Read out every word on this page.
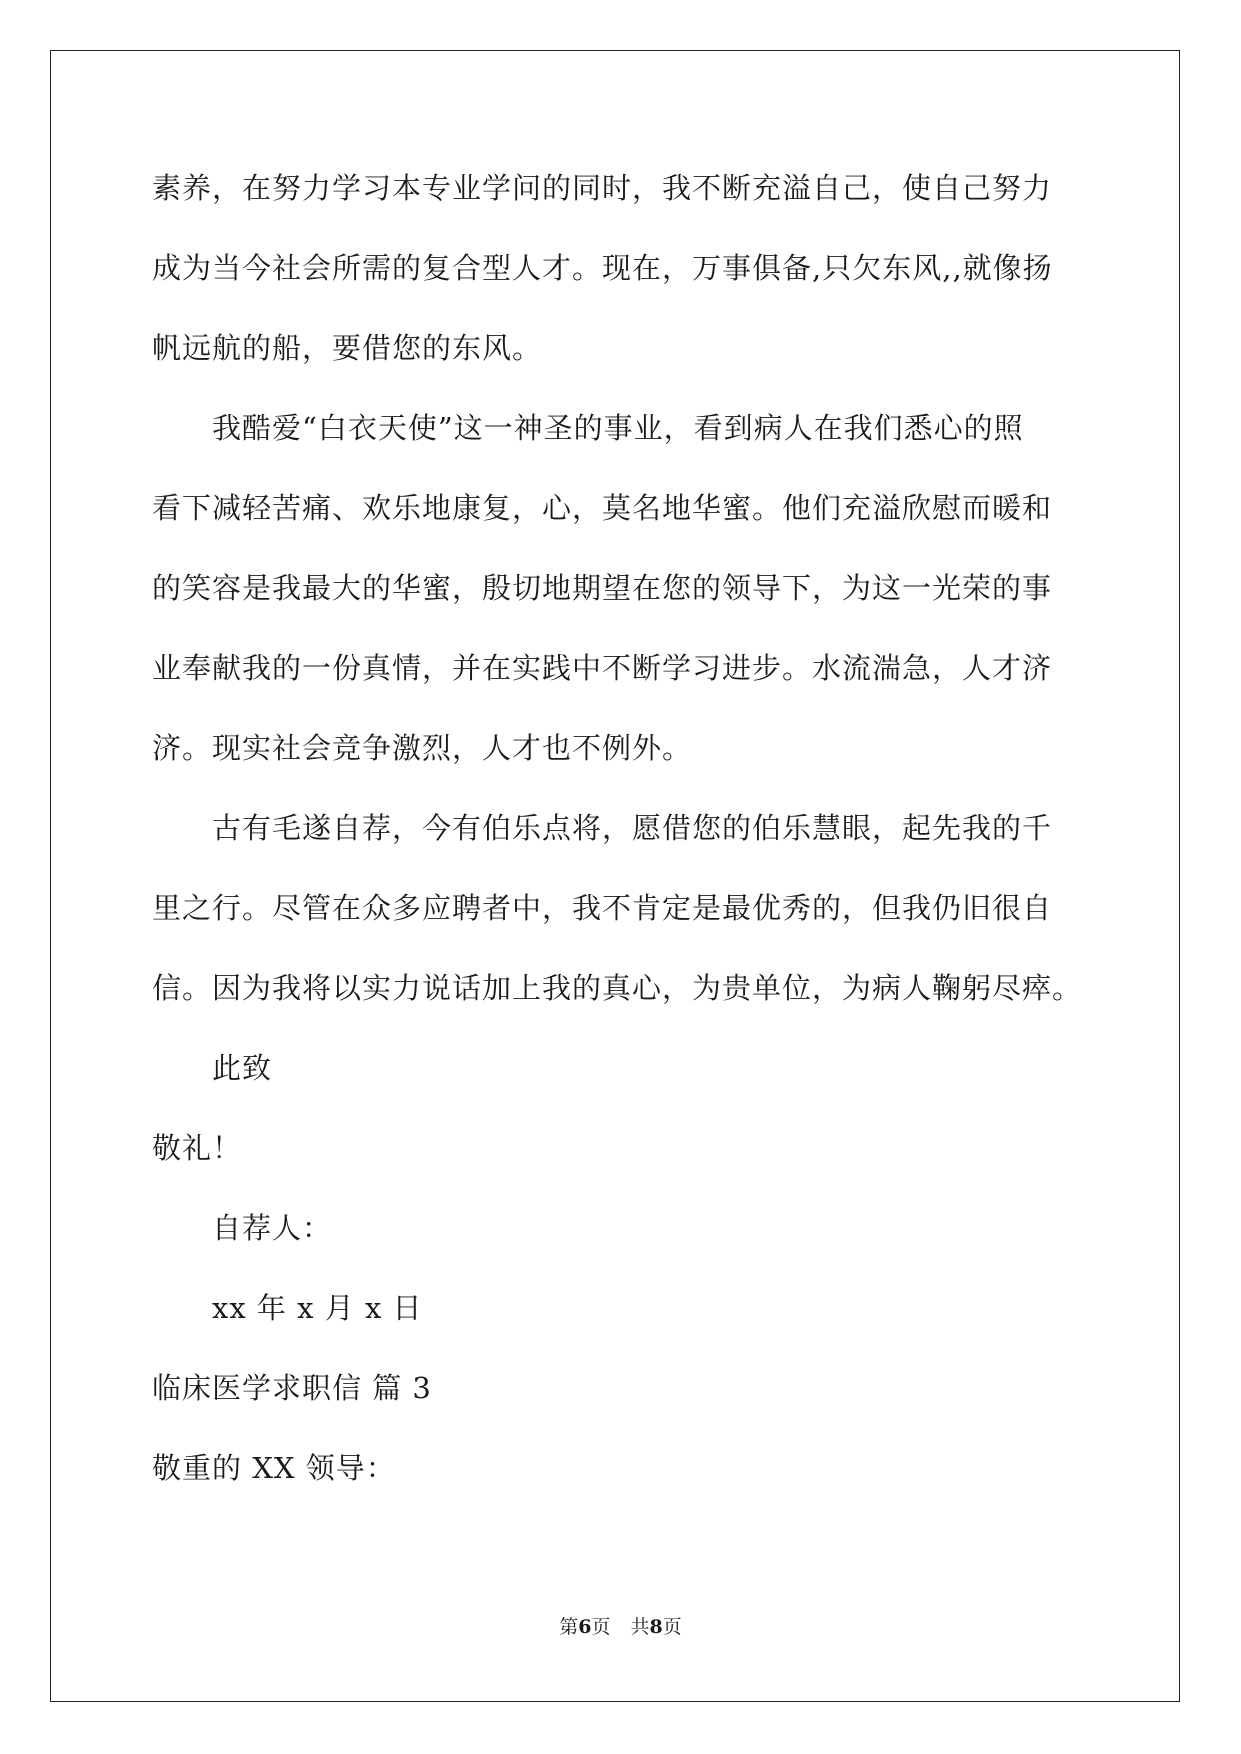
素养，在努力学习本专业学问的同时，我不断充溢自己，使自己努力
成为当今社会所需的复合型人才。现在，万事俱备,只欠东风,,就像扬
帆远航的船，要借您的东风。
我酷爱“白衣天使”这一神圣的事业，看到病人在我们悉心的照
看下减轻苦痛、欢乐地康复，心，莫名地华蜜。他们充溢欣慰而暖和
的笑容是我最大的华蜜，殷切地期望在您的领导下，为这一光荣的事
业奉献我的一份真情，并在实践中不断学习进步。水流湍急，人才济
济。现实社会竞争激烈，人才也不例外。
古有毛遂自荐，今有伯乐点将，愿借您的伯乐慧眼，起先我的千
里之行。尽管在众多应聘者中，我不肯定是最优秀的，但我仍旧很自
信。因为我将以实力说话加上我的真心，为贵单位，为病人鞠躬尽瘁。
此致
敬礼！
自荐人：
xx 年 x 月 x 日
临床医学求职信 篇 3
敬重的 XX 领导：
第6页 共8页
